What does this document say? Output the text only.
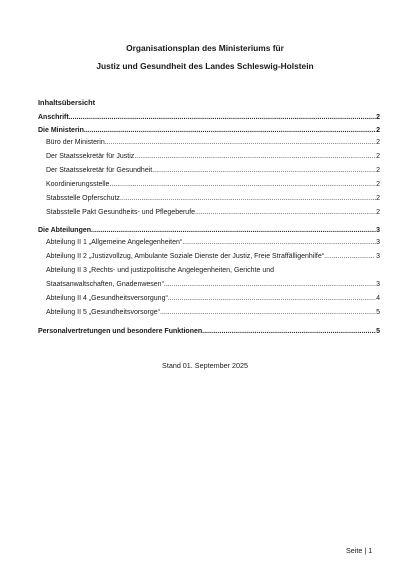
Organisationsplan des Ministeriums für
Justiz und Gesundheit des Landes Schleswig-Holstein
Inhaltsübersicht
Anschrift .....	2
Die Ministerin .....	2
Büro der Ministerin .....	2
Der Staatssekretär für Justiz .....	2
Der Staatssekretär für Gesundheit .....	2
Koordinierungsstelle .....	2
Stabsstelle Opferschutz .....	2
Stabsstelle Pakt Gesundheits- und Pflegeberufe .....	2
Die Abteilungen .....	3
Abteilung II 1 „Allgemeine Angelegenheiten“ .....	3
Abteilung II 2 „Justizvollzug, Ambulante Soziale Dienste der Justiz, Freie Straffälligenhilfe“ .....	3
Abteilung II 3 „Rechts- und justizpolitische Angelegenheiten, Gerichte und
Staatsanwaltschaften, Gnadenwesen“ .....	3
Abteilung II 4 „Gesundheitsversorgung“ .....	4
Abteilung II 5 „Gesundheitsvorsorge“ .....	5
Personalvertretungen und besondere Funktionen .....	5
Stand 01. September 2025
Seite | 1
